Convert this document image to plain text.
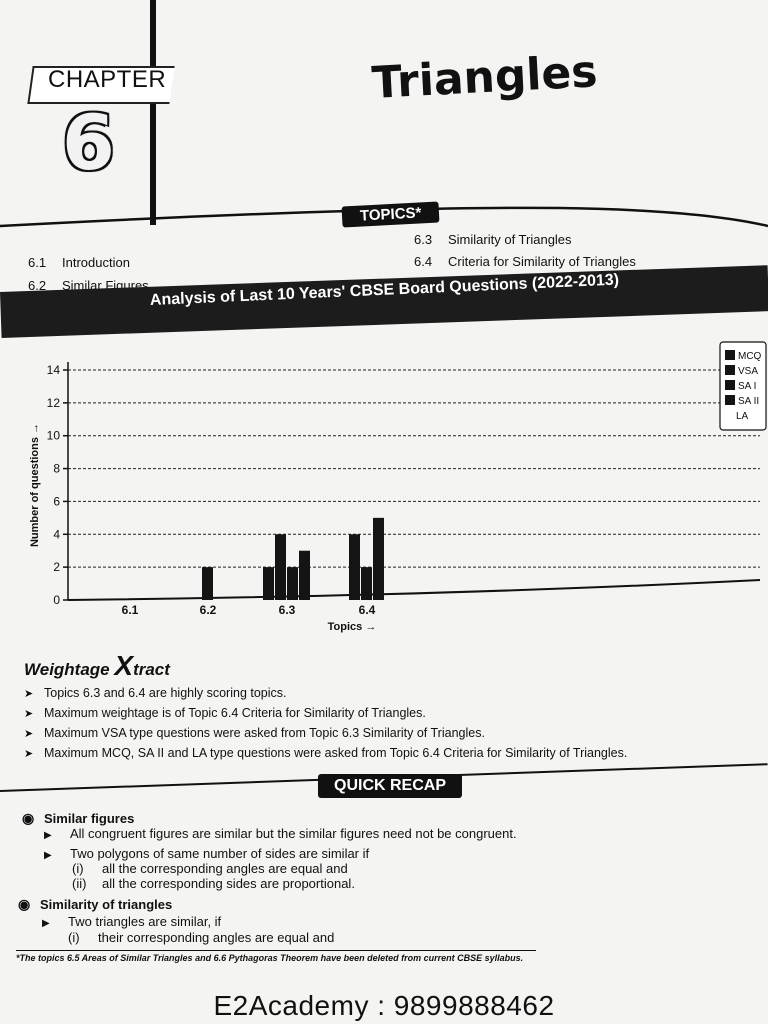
CHAPTER
6
Triangles
TOPICS*
6.1 Introduction
6.2 Similar Figures
6.3 Similarity of Triangles
6.4 Criteria for Similarity of Triangles
Analysis of Last 10 Years' CBSE Board Questions (2022-2013)
0
2
4
6
8
10
12
14
Number of questions →
6.1	6.2	6.3	6.4
Topics →
MCQ
VSA
SA I
SA II
LA
Weightage Xtract
➤ Topics 6.3 and 6.4 are highly scoring topics.
➤ Maximum weightage is of Topic 6.4 Criteria for Similarity of Triangles.
➤ Maximum VSA type questions were asked from Topic 6.3 Similarity of Triangles.
➤ Maximum MCQ, SA II and LA type questions were asked from Topic 6.4 Criteria for Similarity of Triangles.
QUICK RECAP
◉ Similar figures
▶ All congruent figures are similar but the similar figures need not be congruent.
▶ Two polygons of same number of sides are similar if
(i) all the corresponding angles are equal and
(ii) all the corresponding sides are proportional.
◉ Similarity of triangles
▶ Two triangles are similar, if
(i) their corresponding angles are equal and
*The topics 6.5 Areas of Similar Triangles and 6.6 Pythagoras Theorem have been deleted from current CBSE syllabus.
E2Academy : 9899888462
